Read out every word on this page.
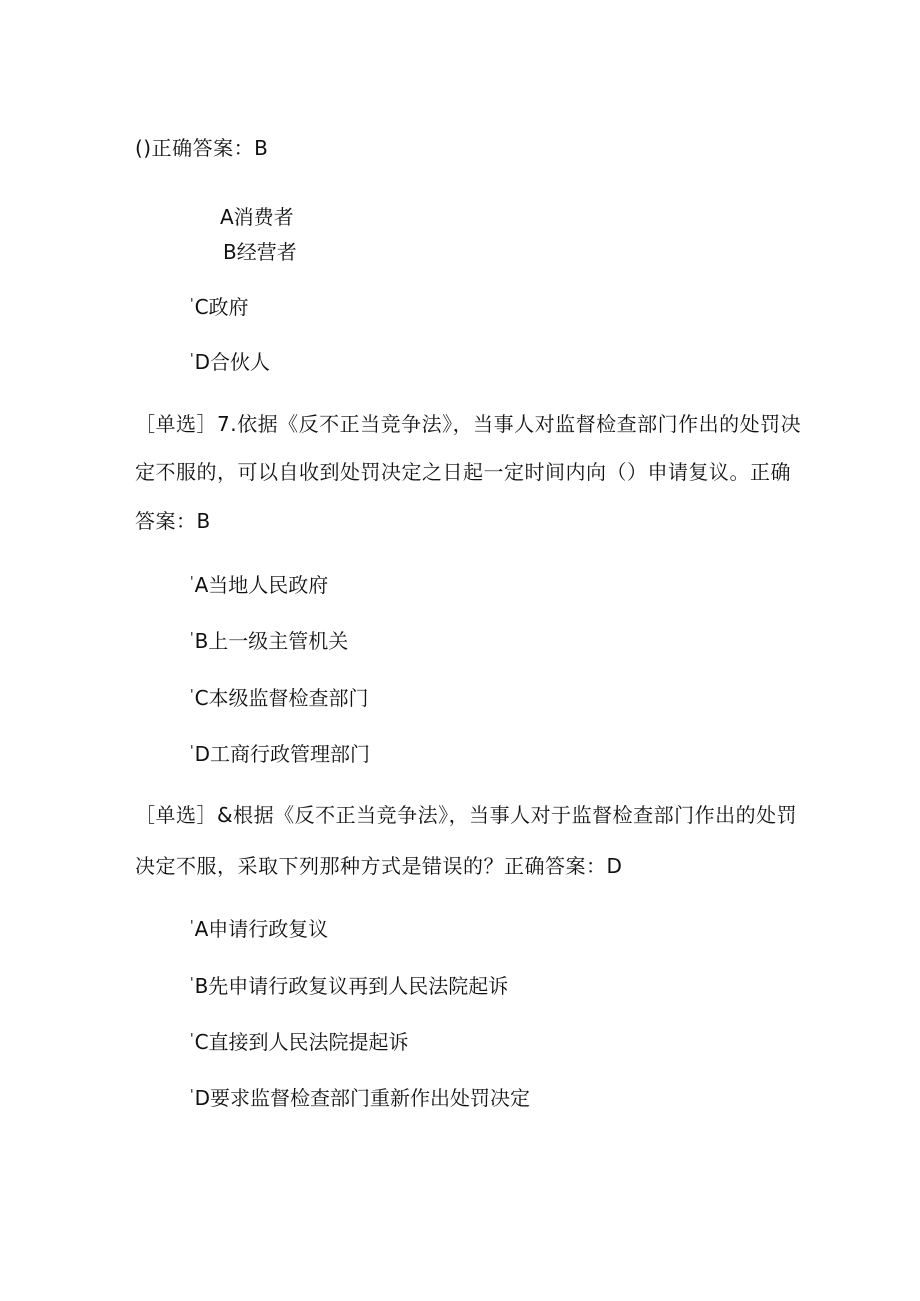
()正确答案：B
A消费者
B经营者
'C政府
'D合伙人
［单选］7.依据《反不正当竞争法》，当事人对监督检查部门作出的处罚决
定不服的，可以自收到处罚决定之日起一定时间内向（）申请复议。正确
答案：B
'A当地人民政府
'B上一级主管机关
'C本级监督检查部门
'D工商行政管理部门
［单选］&根据《反不正当竞争法》，当事人对于监督检查部门作出的处罚
决定不服，采取下列那种方式是错误的？正确答案：D
'A申请行政复议
'B先申请行政复议再到人民法院起诉
'C直接到人民法院提起诉
'D要求监督检查部门重新作出处罚决定
